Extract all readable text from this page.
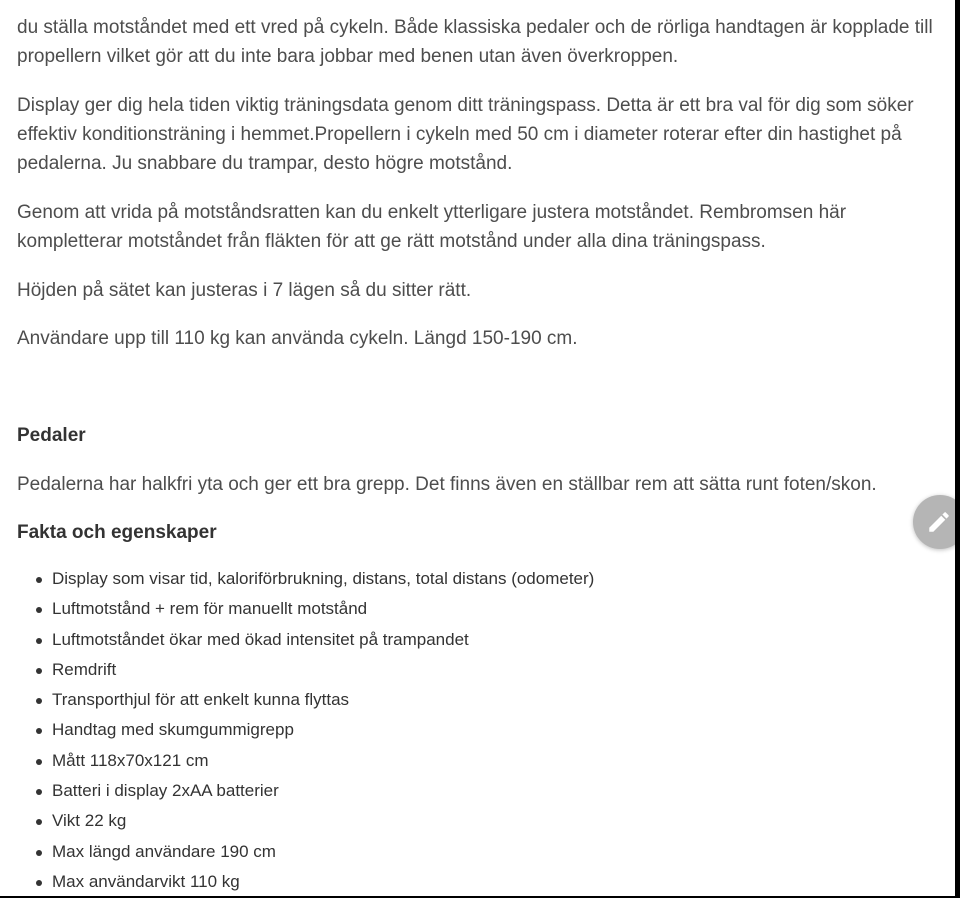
du ställa motståndet med ett vred på cykeln. Både klassiska pedaler och de rörliga handtagen är kopplade till
propellern vilket gör att du inte bara jobbar med benen utan även överkroppen.

Display ger dig hela tiden viktig träningsdata genom ditt träningspass. Detta är ett bra val för dig som söker
effektiv konditionsträning i hemmet.Propellern i cykeln med 50 cm i diameter roterar efter din hastighet på
pedalerna. Ju snabbare du trampar, desto högre motstånd.

Genom att vrida på motståndsratten kan du enkelt ytterligare justera motståndet. Rembromsen här
kompletterar motståndet från fläkten för att ge rätt motstånd under alla dina träningspass.

Höjden på sätet kan justeras i 7 lägen så du sitter rätt.

Användare upp till 110 kg kan använda cykeln. Längd 150-190 cm.

Pedaler

Pedalerna har halkfri yta och ger ett bra grepp. Det finns även en ställbar rem att sätta runt foten/skon.

Fakta och egenskaper
Display som visar tid, kaloriförbrukning, distans, total distans (odometer)
Luftmotstånd + rem för manuellt motstånd
Luftmotståndet ökar med ökad intensitet på trampandet
Remdrift
Transporthjul för att enkelt kunna flyttas
Handtag med skumgummigrepp
Mått 118x70x121 cm
Batteri i display 2xAA batterier
Vikt 22 kg
Max längd användare 190 cm
Max användarvikt 110 kg
